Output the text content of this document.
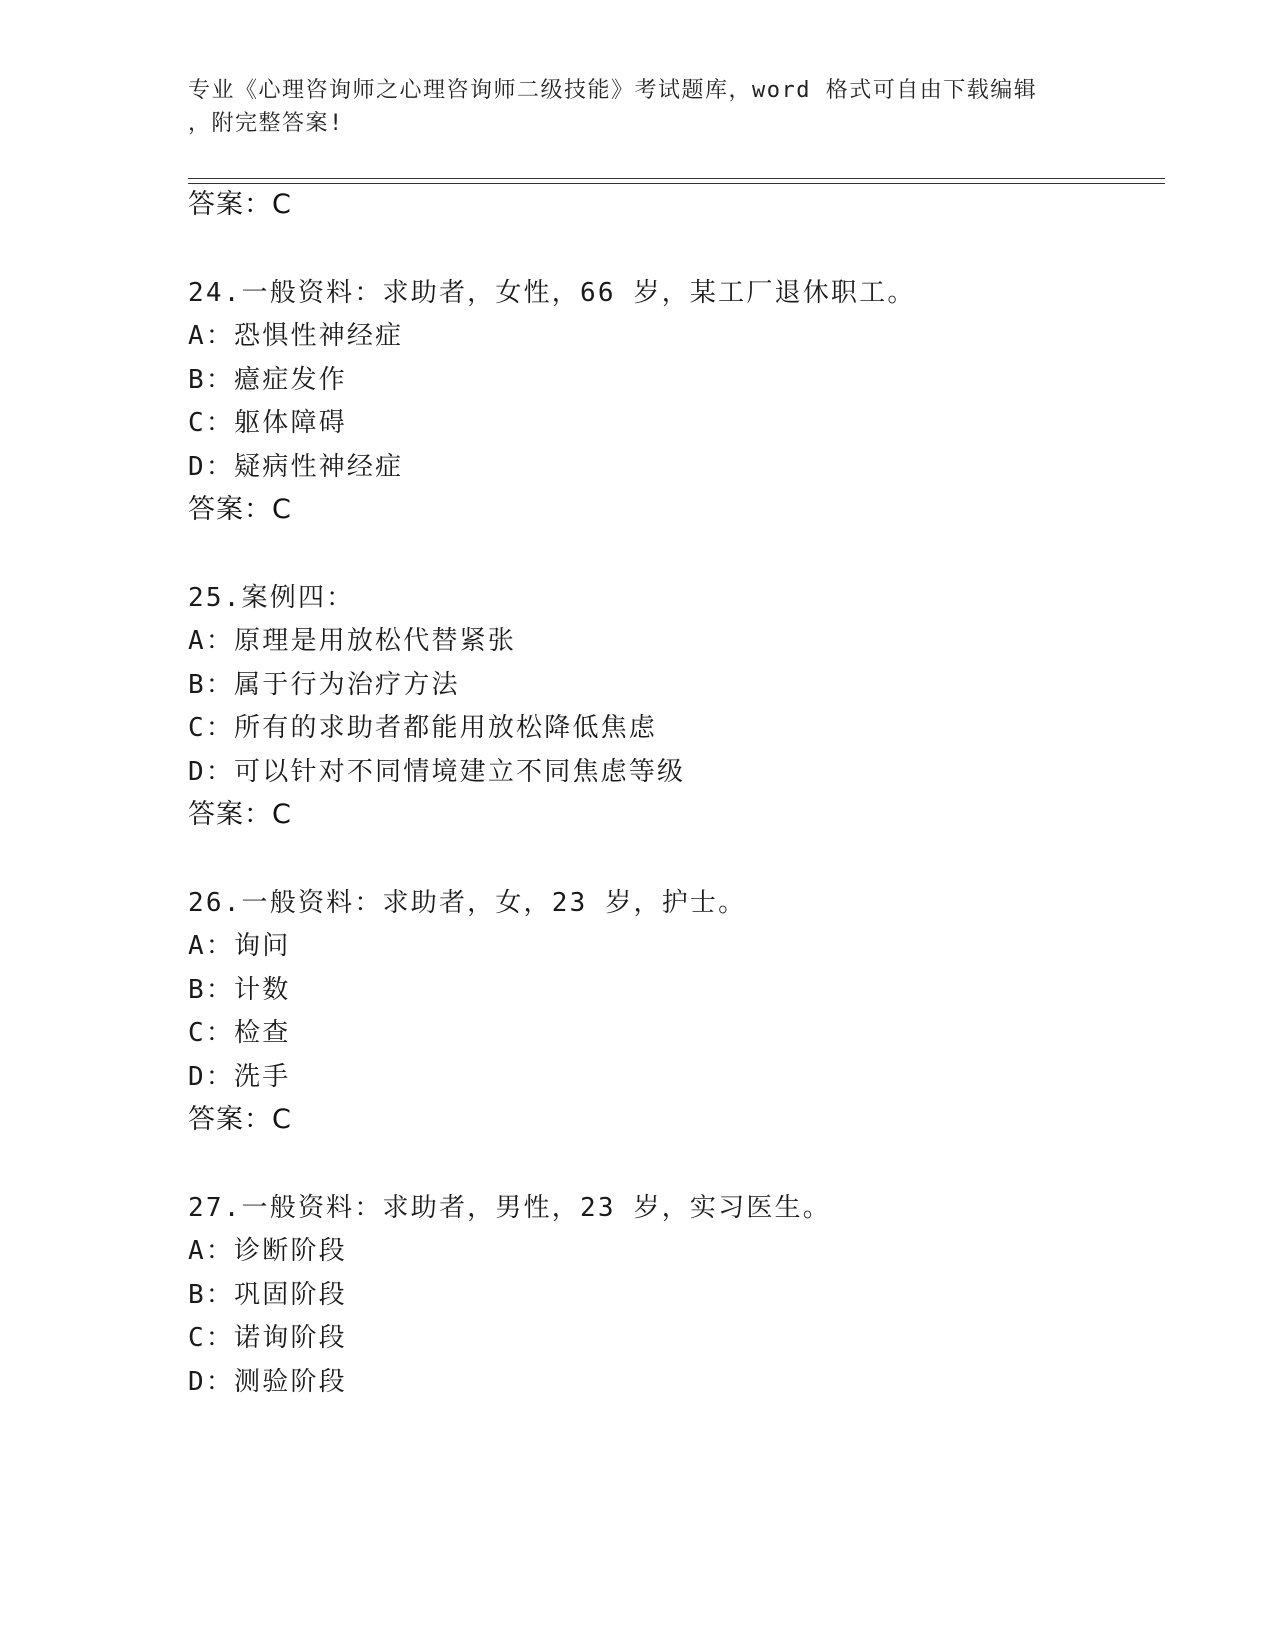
专业《心理咨询师之心理咨询师二级技能》考试题库，word 格式可自由下载编辑
，附完整答案!
答案：C
24.一般资料：求助者，女性，66 岁，某工厂退休职工。
A：恐惧性神经症
B：癔症发作
C：躯体障碍
D：疑病性神经症
答案：C
25.案例四：
A：原理是用放松代替紧张
B：属于行为治疗方法
C：所有的求助者都能用放松降低焦虑
D：可以针对不同情境建立不同焦虑等级
答案：C
26.一般资料：求助者，女，23 岁，护士。
A：询问
B：计数
C：检查
D：洗手
答案：C
27.一般资料：求助者，男性，23 岁，实习医生。
A：诊断阶段
B：巩固阶段
C：诺询阶段
D：测验阶段
